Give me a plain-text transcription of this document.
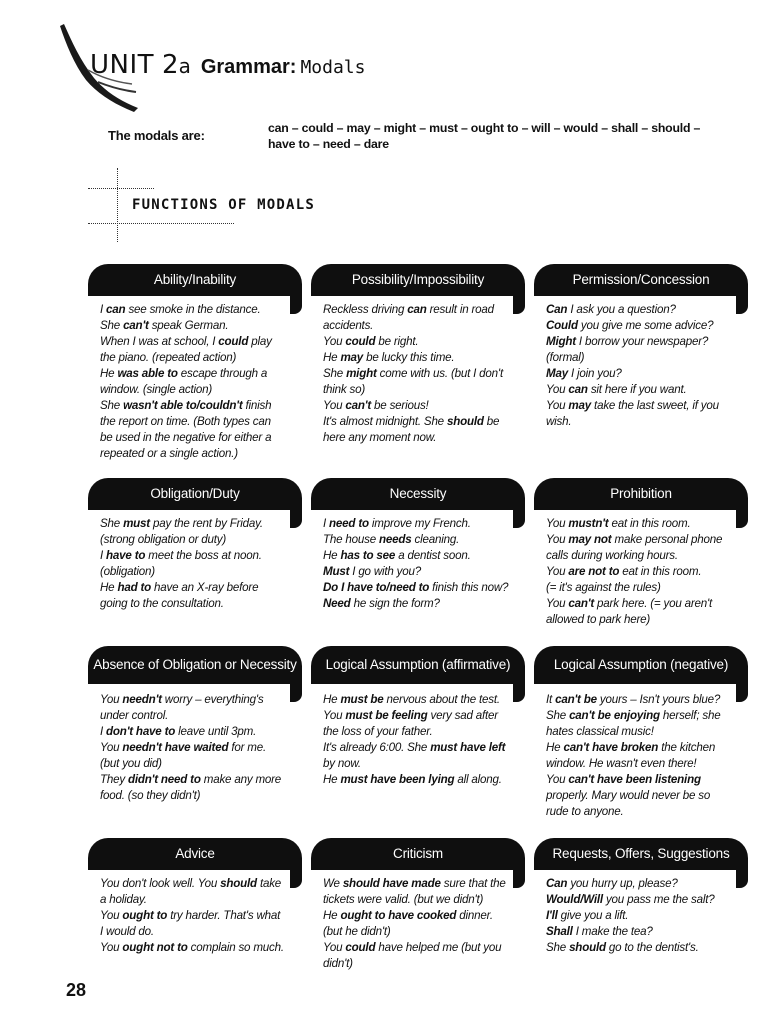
UNIT 2a Grammar: Modals
The modals are:	can – could – may – might – must – ought to – will – would – shall – should – have to – need – dare
FUNCTIONS OF MODALS
Ability/Inability
I can see smoke in the distance.
She can't speak German.
When I was at school, I could play
the piano. (repeated action)
He was able to escape through a
window. (single action)
She wasn't able to/couldn't finish
the report on time. (Both types can
be used in the negative for either a
repeated or a single action.)
Possibility/Impossibility
Reckless driving can result in road
accidents.
You could be right.
He may be lucky this time.
She might come with us. (but I don't
think so)
You can't be serious!
It's almost midnight. She should be
here any moment now.
Permission/Concession
Can I ask you a question?
Could you give me some advice?
Might I borrow your newspaper?
(formal)
May I join you?
You can sit here if you want.
You may take the last sweet, if you
wish.
Obligation/Duty
She must pay the rent by Friday.
(strong obligation or duty)
I have to meet the boss at noon.
(obligation)
He had to have an X-ray before
going to the consultation.
Necessity
I need to improve my French.
The house needs cleaning.
He has to see a dentist soon.
Must I go with you?
Do I have to/need to finish this now?
Need he sign the form?
Prohibition
You mustn't eat in this room.
You may not make personal phone
calls during working hours.
You are not to eat in this room.
(= it's against the rules)
You can't park here. (= you aren't
allowed to park here)
Absence of Obligation or Necessity
You needn't worry – everything's
under control.
I don't have to leave until 3pm.
You needn't have waited for me.
(but you did)
They didn't need to make any more
food. (so they didn't)
Logical Assumption (affirmative)
He must be nervous about the test.
You must be feeling very sad after
the loss of your father.
It's already 6:00. She must have left
by now.
He must have been lying all along.
Logical Assumption (negative)
It can't be yours – Isn't yours blue?
She can't be enjoying herself; she
hates classical music!
He can't have broken the kitchen
window. He wasn't even there!
You can't have been listening
properly. Mary would never be so
rude to anyone.
Advice
You don't look well. You should take
a holiday.
You ought to try harder. That's what
I would do.
You ought not to complain so much.
Criticism
We should have made sure that the
tickets were valid. (but we didn't)
He ought to have cooked dinner.
(but he didn't)
You could have helped me (but you
didn't)
Requests, Offers, Suggestions
Can you hurry up, please?
Would/Will you pass me the salt?
I'll give you a lift.
Shall I make the tea?
She should go to the dentist's.
28
